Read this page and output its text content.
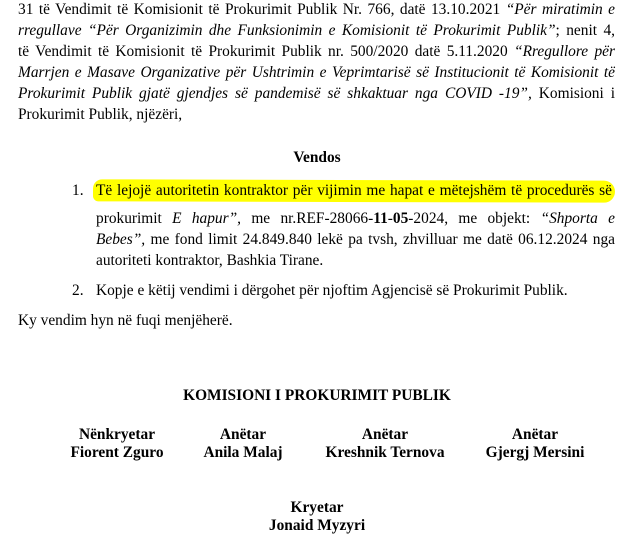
31 të Vendimit të Komisionit të Prokurimit Publik Nr. 766, datë 13.10.2021 “Për miratimin e
rregullave “Për Organizimin dhe Funksionimin e Komisionit të Prokurimit Publik”; nenit 4,
të Vendimit të Komisionit të Prokurimit Publik nr. 500/2020 datë 5.11.2020 “Rregullore për
Marrjen e Masave Organizative për Ushtrimin e Veprimtarisë së Institucionit të Komisionit të
Prokurimit Publik gjatë gjendjes së pandemisë së shkaktuar nga COVID -19”, Komisioni i
Prokurimit Publik, njëzëri,
Vendos
1. Të lejojë autoritetin kontraktor për vijimin me hapat e mëtejshëm të procedurës së
prokurimit E hapur”, me nr.REF-28066-11-05-2024, me objekt: “Shporta e
Bebes”, me fond limit 24.849.840 lekë pa tvsh, zhvilluar me datë 06.12.2024 nga
autoriteti kontraktor, Bashkia Tirane.
2. Kopje e këtij vendimi i dërgohet për njoftim Agjencisë së Prokurimit Publik.
Ky vendim hyn në fuqi menjëherë.
KOMISIONI I PROKURIMIT PUBLIK
Nënkryetar
Fiorent Zguro
Anëtar
Anila Malaj
Anëtar
Kreshnik Ternova
Anëtar
Gjergj Mersini
Kryetar
Jonaid Myzyri
